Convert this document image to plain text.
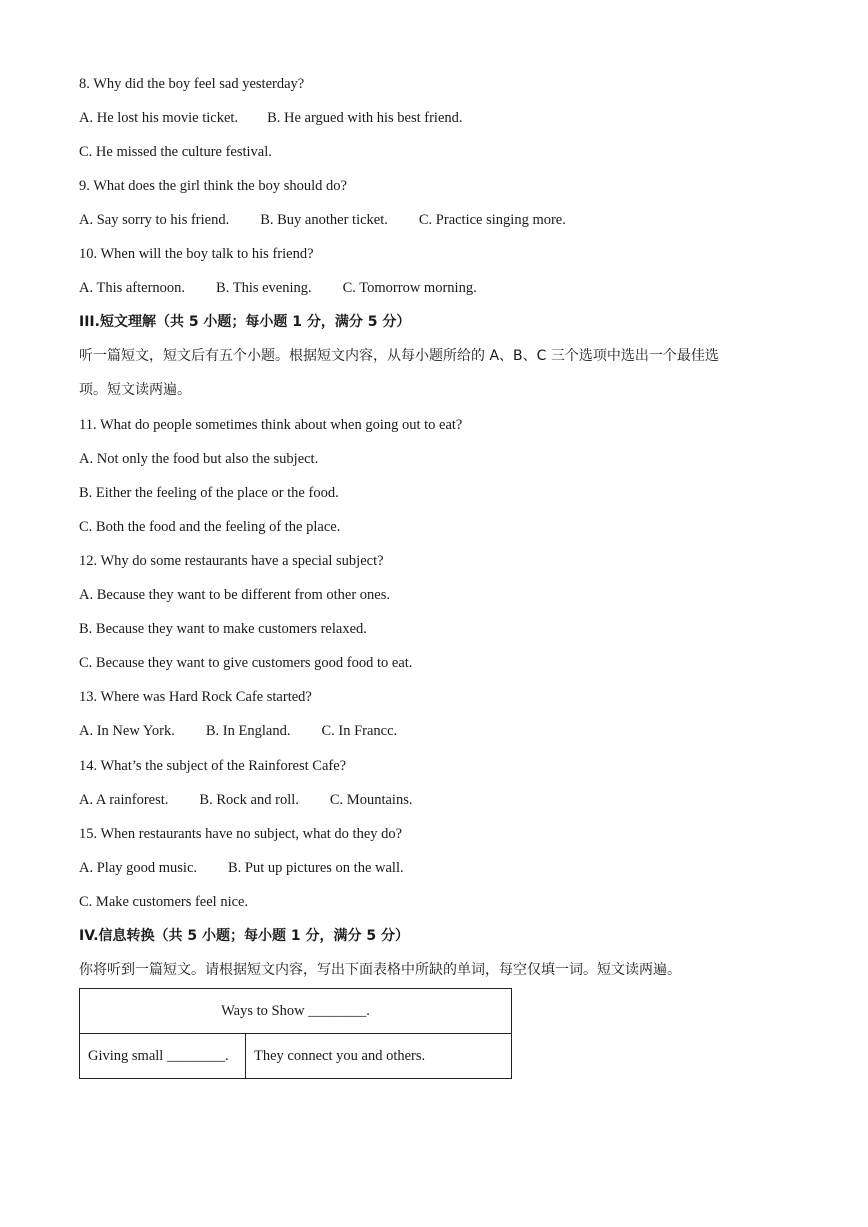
8. Why did the boy feel sad yesterday?
A. He lost his movie ticket. B. He argued with his best friend.
C. He missed the culture festival.
9. What does the girl think the boy should do?
A. Say sorry to his friend. B. Buy another ticket. C. Practice singing more.
10. When will the boy talk to his friend?
A. This afternoon. B. This evening. C. Tomorrow morning.
III.短文理解（共 5 小题；每小题 1 分，满分 5 分）
听一篇短文，短文后有五个小题。根据短文内容，从每小题所给的 A、B、C 三个选项中选出一个最佳选
项。短文读两遍。
11. What do people sometimes think about when going out to eat?
A. Not only the food but also the subject.
B. Either the feeling of the place or the food.
C. Both the food and the feeling of the place.
12. Why do some restaurants have a special subject?
A. Because they want to be different from other ones.
B. Because they want to make customers relaxed.
C. Because they want to give customers good food to eat.
13. Where was Hard Rock Cafe started?
A. In New York. B. In England. C. In Francc.
14. What’s the subject of the Rainforest Cafe?
A. A rainforest. B. Rock and roll. C. Mountains.
15. When restaurants have no subject, what do they do?
A. Play good music. B. Put up pictures on the wall.
C. Make customers feel nice.
IV.信息转换（共 5 小题；每小题 1 分，满分 5 分）
你将听到一篇短文。请根据短文内容，写出下面表格中所缺的单词，每空仅填一词。短文读两遍。
Ways to Show ________.
Giving small ________.	They connect you and others.
